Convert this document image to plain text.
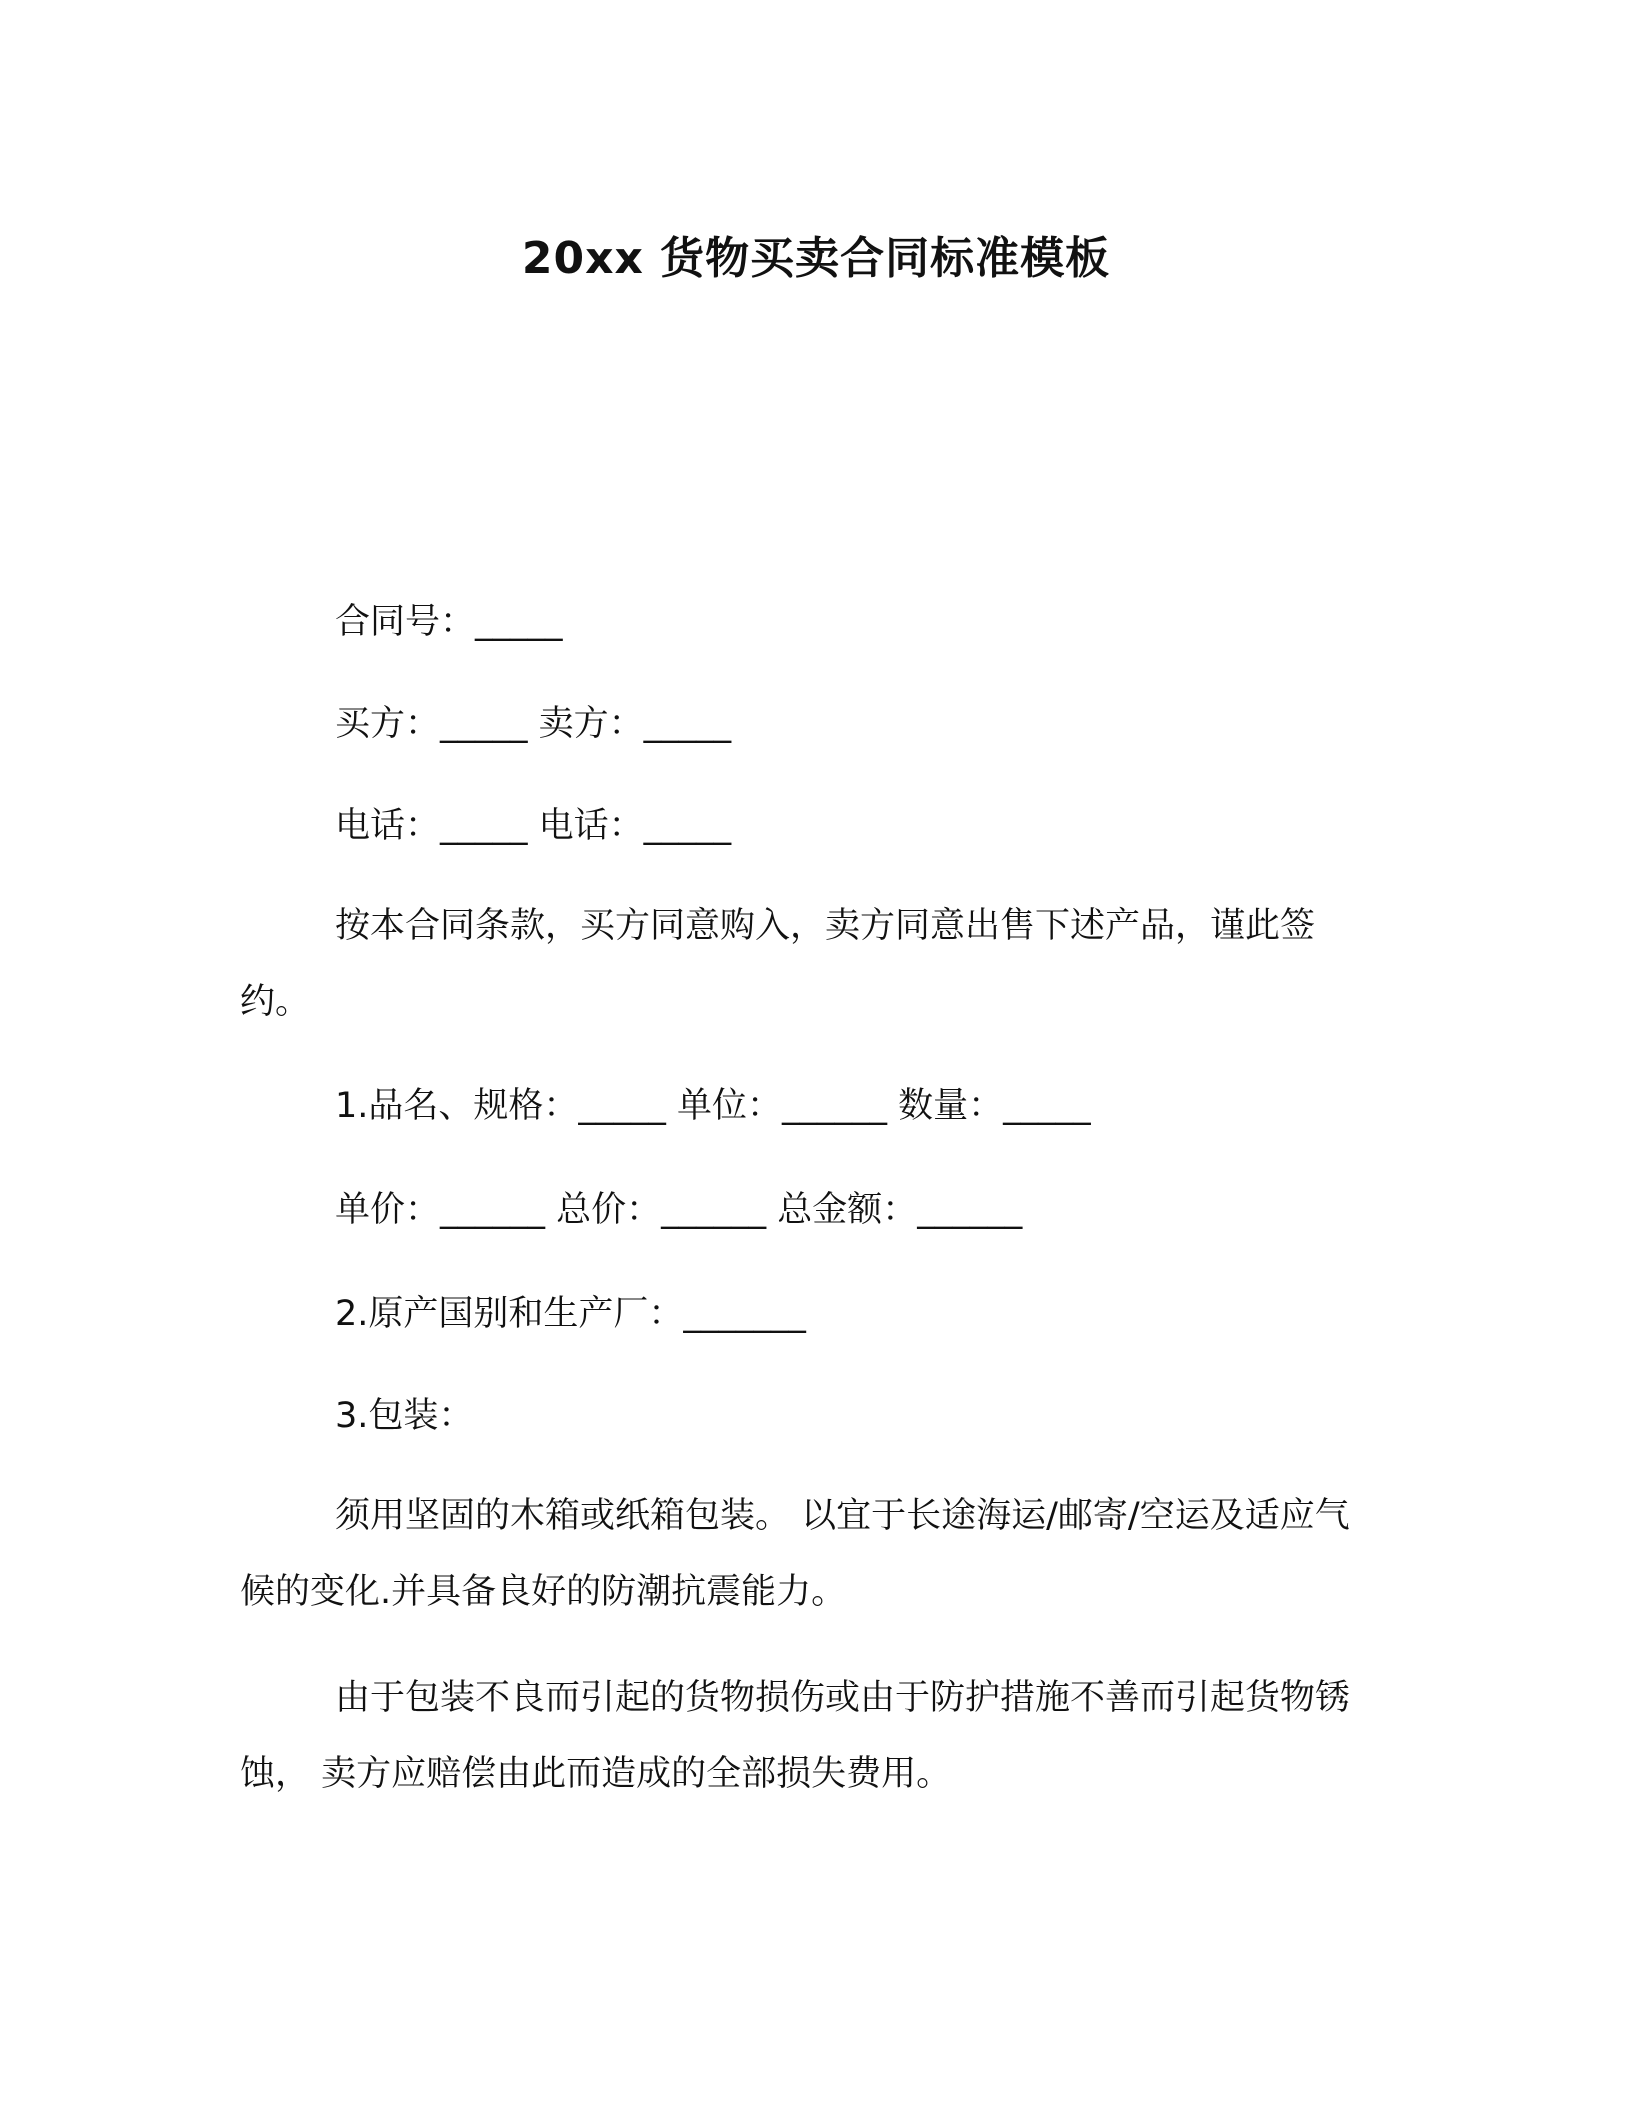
20xx 货物买卖合同标准模板
合同号：_____
买方：_____ 卖方：_____
电话：_____ 电话：_____
按本合同条款，买方同意购入，卖方同意出售下述产品，谨此签约。
1.品名、规格：_____ 单位：______ 数量：_____
单价：______ 总价：______ 总金额：______
2.原产国别和生产厂：_______
3.包装：
须用坚固的木箱或纸箱包装。 以宜于长途海运/邮寄/空运及适应气候的变化.并具备良好的防潮抗震能力。
由于包装不良而引起的货物损伤或由于防护措施不善而引起货物锈蚀， 卖方应赔偿由此而造成的全部损失费用。
